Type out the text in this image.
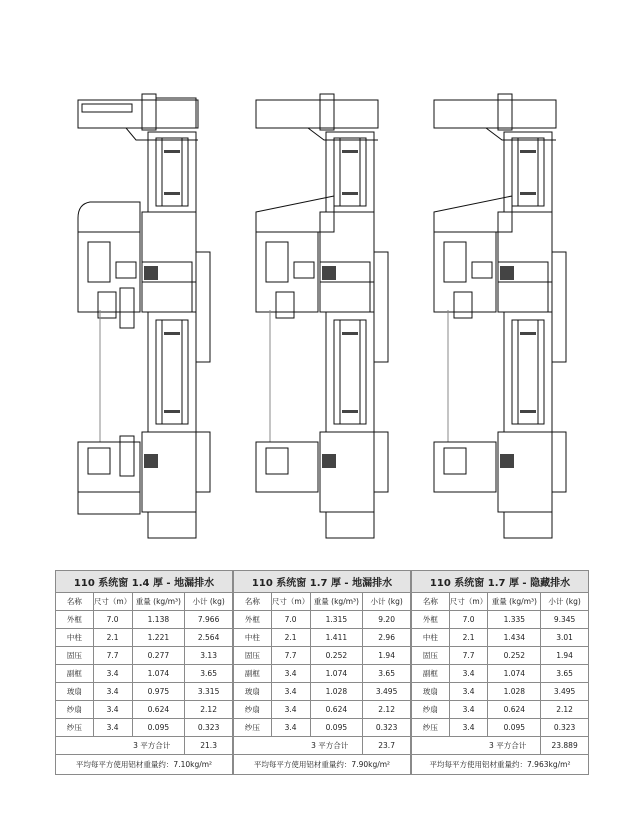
110 系统窗 1.4 厚 - 地漏排水			
名称	尺寸（m）	重量 (kg/m³)	小计 (kg)
外框	7.0	1.138	7.966
中柱	2.1	1.221	2.564
固压	7.7	0.277	3.13
副框	3.4	1.074	3.65
玻扇	3.4	0.975	3.315
纱扇	3.4	0.624	2.12
纱压	3.4	0.095	0.323
3 平方合计			21.3
平均每平方使用铝材重量约：7.10kg/m²			
110 系统窗 1.7 厚 - 地漏排水			
名称	尺寸（m）	重量 (kg/m³)	小计 (kg)
外框	7.0	1.315	9.20
中柱	2.1	1.411	2.96
固压	7.7	0.252	1.94
副框	3.4	1.074	3.65
玻扇	3.4	1.028	3.495
纱扇	3.4	0.624	2.12
纱压	3.4	0.095	0.323
3 平方合计			23.7
平均每平方使用铝材重量约：7.90kg/m²			
110 系统窗 1.7 厚 - 隐藏排水			
名称	尺寸（m）	重量 (kg/m³)	小计 (kg)
外框	7.0	1.335	9.345
中柱	2.1	1.434	3.01
固压	7.7	0.252	1.94
副框	3.4	1.074	3.65
玻扇	3.4	1.028	3.495
纱扇	3.4	0.624	2.12
纱压	3.4	0.095	0.323
3 平方合计			23.889
平均每平方使用铝材重量约：7.963kg/m²			
